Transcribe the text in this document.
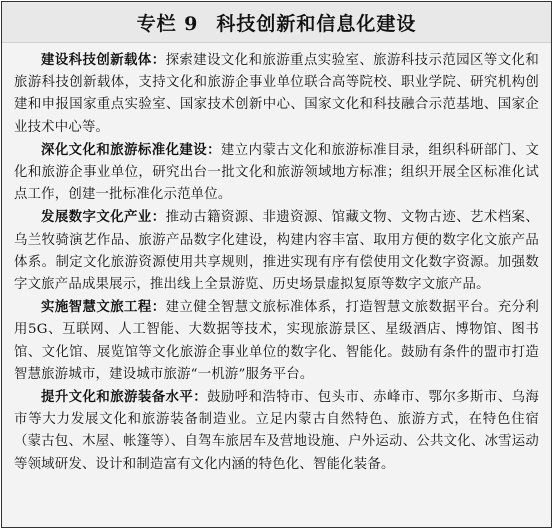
专栏 9 科技创新和信息化建设

建设科技创新载体：探索建设文化和旅游重点实验室、旅游科技示范园区等文化和旅游科技创新载体，支持文化和旅游企事业单位联合高等院校、职业学院、研究机构创建和申报国家重点实验室、国家技术创新中心、国家文化和科技融合示范基地、国家企业技术中心等。

深化文化和旅游标准化建设：建立内蒙古文化和旅游标准目录，组织科研部门、文化和旅游企事业单位，研究出台一批文化和旅游领域地方标准；组织开展全区标准化试点工作，创建一批标准化示范单位。

发展数字文化产业：推动古籍资源、非遗资源、馆藏文物、文物古迹、艺术档案、乌兰牧骑演艺作品、旅游产品数字化建设，构建内容丰富、取用方便的数字化文旅产品体系。制定文化旅游资源使用共享规则，推进实现有序有偿使用文化数字资源。加强数字文旅产品成果展示，推出线上全景游览、历史场景虚拟复原等数字文旅产品。

实施智慧文旅工程：建立健全智慧文旅标准体系，打造智慧文旅数据平台。充分利用5G、互联网、人工智能、大数据等技术，实现旅游景区、星级酒店、博物馆、图书馆、文化馆、展览馆等文化旅游企事业单位的数字化、智能化。鼓励有条件的盟市打造智慧旅游城市，建设城市旅游“一机游”服务平台。

提升文化和旅游装备水平：鼓励呼和浩特市、包头市、赤峰市、鄂尔多斯市、乌海市等大力发展文化和旅游装备制造业。立足内蒙古自然特色、旅游方式，在特色住宿（蒙古包、木屋、帐篷等）、自驾车旅居车及营地设施、户外运动、公共文化、冰雪运动等领域研发、设计和制造富有文化内涵的特色化、智能化装备。
